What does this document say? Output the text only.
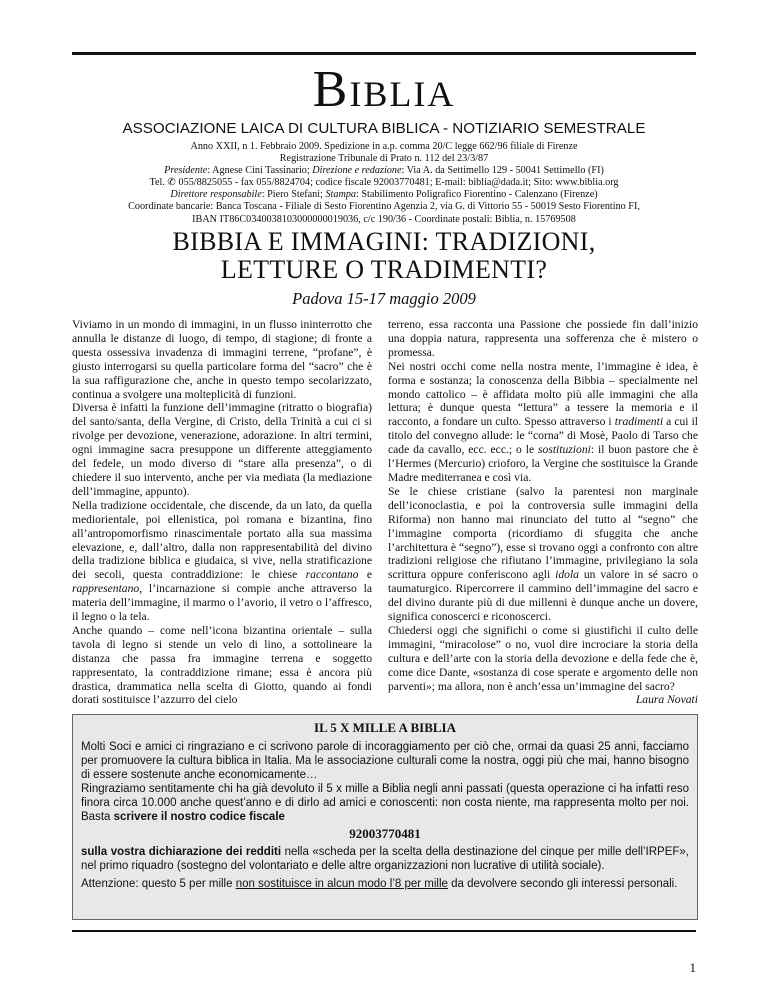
Biblia
ASSOCIAZIONE LAICA DI CULTURA BIBLICA - NOTIZIARIO SEMESTRALE
Anno XXII, n 1. Febbraio 2009. Spedizione in a.p. comma 20/C legge 662/96 filiale di Firenze
Registrazione Tribunale di Prato n. 112 del 23/3/87
Presidente: Agnese Cini Tassinario; Direzione e redazione: Via A. da Settimello 129 - 50041 Settimello (FI)
Tel. ✆ 055/8825055 - fax 055/8824704; codice fiscale 92003770481; E-mail: biblia@dada.it; Sito: www.biblia.org
Direttore responsabile: Piero Stefani; Stampa: Stabilimento Poligrafico Fiorentino - Calenzano (Firenze)
Coordinate bancarie: Banca Toscana - Filiale di Sesto Fiorentino Agenzia 2, via G. di Vittorio 55 - 50019 Sesto Fiorentino FI,
IBAN IT86C0340038103000000019036, c/c 190/36 - Coordinate postali: Biblia, n. 15769508
BIBBIA E IMMAGINI: TRADIZIONI,
LETTURE O TRADIMENTI?
Padova 15-17 maggio 2009

Viviamo in un mondo di immagini, in un flusso ininterrotto che annulla le distanze di luogo, di tempo, di stagione; di fronte a questa ossessiva invadenza di immagini terrene, “profane”, è giusto interrogarsi su quella particolare forma del “sacro” che è la sua raffigurazione che, anche in questo tempo secolarizzato, continua a svolgere una molteplicità di funzioni.

Diversa è infatti la funzione dell’immagine (ritratto o biografia) del santo/santa, della Vergine, di Cristo, della Trinità a cui ci si rivolge per devozione, venerazione, adorazione. In altri termini, ogni immagine sacra presuppone un differente atteggiamento del fedele, un modo diverso di “stare alla presenza”, o di chiedere il suo intervento, anche per via mediata (la mediazione dell’immagine, appunto).

Nella tradizione occidentale, che discende, da un lato, da quella mediorientale, poi ellenistica, poi romana e bizantina, fino all’antropomorfismo rinascimentale portato alla sua massima elevazione, e, dall’altro, dalla non rappresentabilità del divino della tradizione biblica e giudaica, si vive, nella stratificazione dei secoli, questa contraddizione: le chiese raccontano e rappresentano, l’incarnazione si compie anche attraverso la materia dell’immagine, il marmo o l’avorio, il vetro o l’affresco, il legno o la tela.

Anche quando – come nell’icona bizantina orientale – sulla tavola di legno si stende un velo di lino, a sottolineare la distanza che passa fra immagine terrena e soggetto rappresentato, la contraddizione rimane; essa è ancora più drastica, drammatica nella scelta di Giotto, quando ai fondi dorati sostituisce l’azzurro del cielo

terreno, essa racconta una Passione che possiede fin dall’inizio una doppia natura, rappresenta una sofferenza che è mistero o promessa.

Nei nostri occhi come nella nostra mente, l’immagine è idea, è forma e sostanza; la conoscenza della Bibbia – specialmente nel mondo cattolico – è affidata molto più alle immagini che alla lettura; è dunque questa “lettura” a tessere la memoria e il racconto, a fondare un culto. Spesso attraverso i tradimenti a cui il titolo del convegno allude: le “corna” di Mosè, Paolo di Tarso che cade da cavallo, ecc. ecc.; o le sostituzioni: il buon pastore che è l’Hermes (Mercurio) crioforo, la Vergine che sostituisce la Grande Madre mediterranea e così via.

Se le chiese cristiane (salvo la parentesi non marginale dell’iconoclastia, e poi la controversia sulle immagini della Riforma) non hanno mai rinunciato del tutto al “segno” che l’immagine comporta (ricordiamo di sfuggita che anche l’architettura è “segno”), esse si trovano oggi a confronto con altre tradizioni religiose che rifiutano l’immagine, privilegiano la sola scrittura oppure conferiscono agli idola un valore in sé sacro o taumaturgico. Ripercorrere il cammino dell’immagine del sacro e del divino durante più di due millenni è dunque anche un dovere, significa conoscerci e riconoscerci.

Chiedersi oggi che significhi o come si giustifichi il culto delle immagini, “miracolose” o no, vuol dire incrociare la storia della cultura e dell’arte con la storia della devozione e della fede che è, come dice Dante, «sostanza di cose sperate e argomento delle non parventi»; ma allora, non è anch’essa un’immagine del sacro?

Laura Novati
IL 5 X MILLE A BIBLIA

Molti Soci e amici ci ringraziano e ci scrivono parole di incoraggiamento per ciò che, ormai da quasi 25 anni, facciamo per promuovere la cultura biblica in Italia. Ma le associazione culturali come la nostra, oggi più che mai, hanno bisogno di essere sostenute anche economicamente…

Ringraziamo sentitamente chi ha già devoluto il 5 x mille a Biblia negli anni passati (questa operazione ci ha infatti reso finora circa 10.000 anche quest’anno e di dirlo ad amici e conoscenti: non costa niente, ma rappresenta molto per noi. Basta scrivere il nostro codice fiscale

92003770481

sulla vostra dichiarazione dei redditi nella «scheda per la scelta della destinazione del cinque per mille dell’IRPEF», nel primo riquadro (sostegno del volontariato e delle altre organizzazioni non lucrative di utilità sociale).

Attenzione: questo 5 per mille non sostituisce in alcun modo l’8 per mille da devolvere secondo gli interessi personali.

1
